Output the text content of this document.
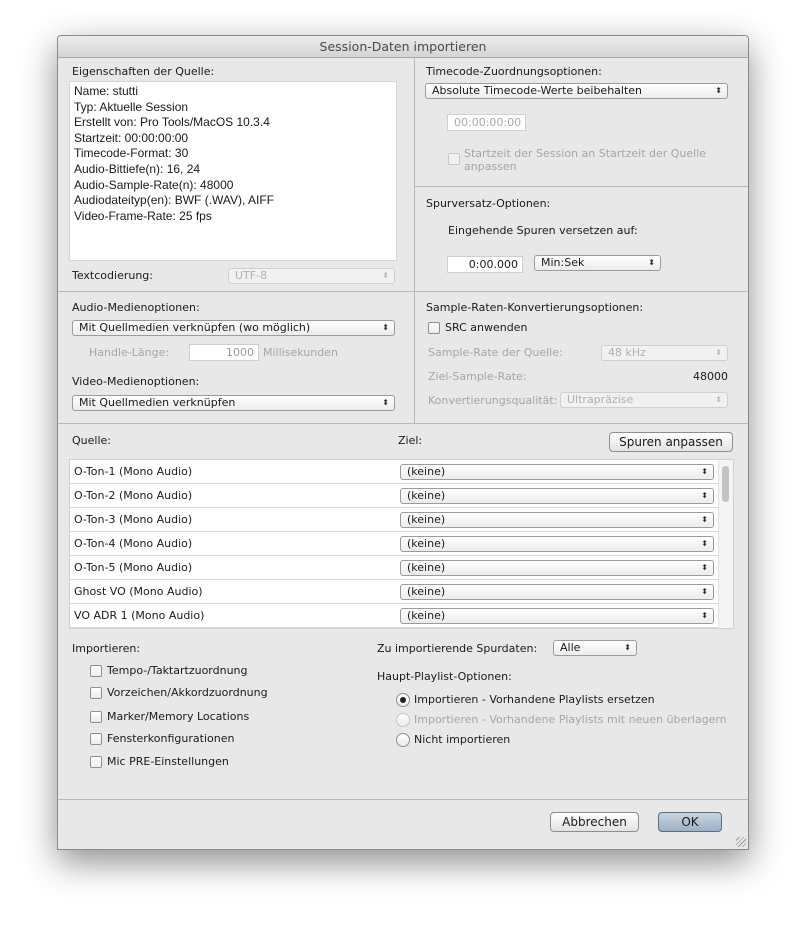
Session-Daten importieren
Eigenschaften der Quelle:
Name: stutti
Typ: Aktuelle Session
Erstellt von: Pro Tools/MacOS 10.3.4
Startzeit: 00:00:00:00
Timecode-Format: 30
Audio-Bittiefe(n): 16, 24
Audio-Sample-Rate(n): 48000
Audiodateityp(en): BWF (.WAV), AIFF
Video-Frame-Rate: 25 fps
Textcodierung:	UTF-8	⬍
Timecode-Zuordnungsoptionen:
Absolute Timecode-Werte beibehalten	⬍
00:00:00:00
Startzeit der Session an Startzeit der Quelle
anpassen
Spurversatz-Optionen:
Eingehende Spuren versetzen auf:
0:00.000	Min:Sek	⬍
Audio-Medienoptionen:
Mit Quellmedien verknüpfen (wo möglich)	⬍
Handle-Länge:	1000 Millisekunden
Video-Medienoptionen:
Mit Quellmedien verknüpfen	⬍
Sample-Raten-Konvertierungsoptionen:
SRC anwenden
Sample-Rate der Quelle:	48 kHz	⬍
Ziel-Sample-Rate:	48000
Konvertierungsqualität: Ultrapräzise	⬍
Quelle:	Ziel:	Spuren anpassen
O-Ton-1 (Mono Audio)	(keine)	⬍
O-Ton-2 (Mono Audio)	(keine)	⬍
O-Ton-3 (Mono Audio)	(keine)	⬍
O-Ton-4 (Mono Audio)	(keine)	⬍
O-Ton-5 (Mono Audio)	(keine)	⬍
Ghost VO (Mono Audio)	(keine)	⬍
VO ADR 1 (Mono Audio)	(keine)	⬍
Importieren:
Tempo-/Taktartzuordnung
Vorzeichen/Akkordzuordnung
Marker/Memory Locations
Fensterkonfigurationen
Mic PRE-Einstellungen
Zu importierende Spurdaten:	Alle	⬍
Haupt-Playlist-Optionen:
Importieren - Vorhandene Playlists ersetzen
Importieren - Vorhandene Playlists mit neuen überlagern
Nicht importieren
Abbrechen	OK
